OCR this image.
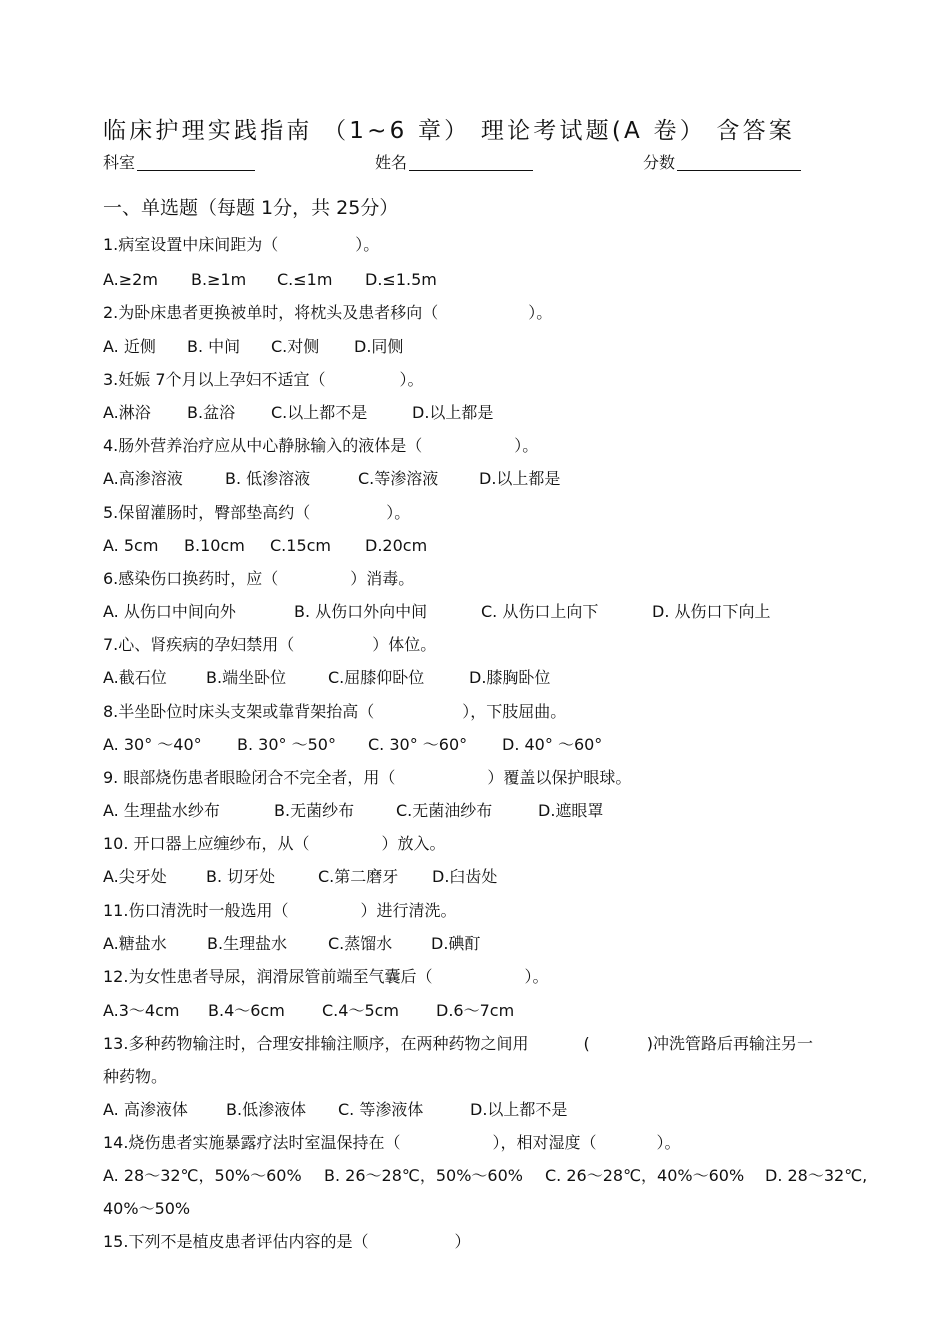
临床护理实践指南 （1~6 章） 理论考试题(A 卷） 含答案
科室	姓名	分数
一、单选题（每题 1分，共 25分）
1.病室设置中床间距为（	）。
A.≥2m B.≥1m C.≤1m D.≤1.5m
2.为卧床患者更换被单时，将枕头及患者移向（	）。
A. 近侧 B. 中间 C.对侧 D.同侧
3.妊娠 7个月以上孕妇不适宜（	）。
A.淋浴 B.盆浴 C.以上都不是	D.以上都是
4.肠外营养治疗应从中心静脉输入的液体是（	）。
A.高渗溶液	B. 低渗溶液	C.等渗溶液	D.以上都是
5.保留灌肠时，臀部垫高约（	）。
A. 5cm B.10cm C.15cm D.20cm
6.感染伤口换药时，应（	）消毒。
A. 从伤口中间向外	B. 从伤口外向中间	C. 从伤口上向下	D. 从伤口下向上
7.心、肾疾病的孕妇禁用（	）体位。
A.截石位 B.端坐卧位	C.屈膝仰卧位	D.膝胸卧位
8.半坐卧位时床头支架或靠背架抬高（	），下肢屈曲。
A. 30° ～40° B. 30° ～50° C. 30° ～60° D. 40° ～60°
9. 眼部烧伤患者眼睑闭合不完全者，用（	）覆盖以保护眼球。
A. 生理盐水纱布	B.无菌纱布	C.无菌油纱布	D.遮眼罩
10. 开口器上应缠纱布，从（	）放入。
A.尖牙处 B. 切牙处	C.第二磨牙 D.臼齿处
11.伤口清洗时一般选用（	）进行清洗。
A.糖盐水	B.生理盐水	C.蒸馏水 D.碘酊
12.为女性患者导尿，润滑尿管前端至气囊后（	）。
A.3～4cm B.4～6cm C.4～5cm D.6～7cm
13.多种药物输注时，合理安排输注顺序，在两种药物之间用	(	)冲洗管路后再输注另一
种药物。
A. 高渗液体 B.低渗液体 C. 等渗液体	D.以上都不是
14.烧伤患者实施暴露疗法时室温保持在（	），相对湿度（	）。
A. 28～32℃，50%～60% B. 26～28℃，50%～60% C. 26～28℃，40%～60% D. 28～32℃,
40%～50%
15.下列不是植皮患者评估内容的是（	）
